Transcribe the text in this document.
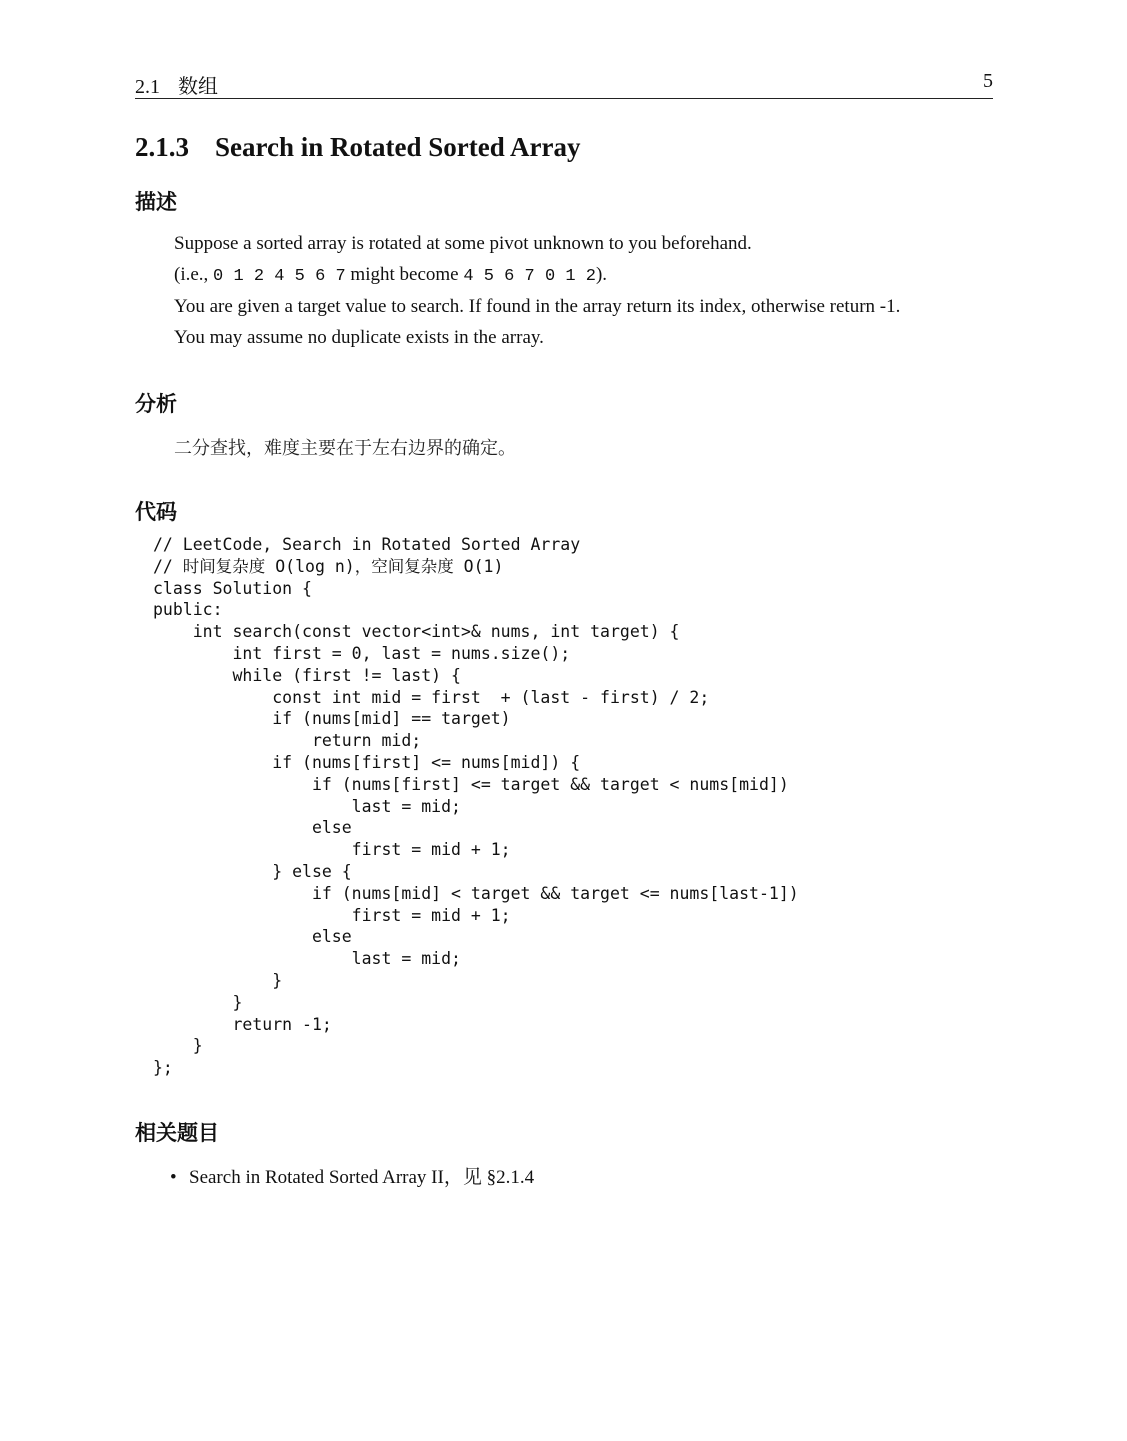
2.1 数组	5
2.1.3 Search in Rotated Sorted Array
描述
Suppose a sorted array is rotated at some pivot unknown to you beforehand.
(i.e., 0 1 2 4 5 6 7 might become 4 5 6 7 0 1 2).
You are given a target value to search. If found in the array return its index, otherwise return -1.
You may assume no duplicate exists in the array.
分析
二分查找，难度主要在于左右边界的确定。
代码
// LeetCode, Search in Rotated Sorted Array
// 时间复杂度 O(log n)，空间复杂度 O(1)
class Solution {
public:
int search(const vector<int>& nums, int target) {
int first = 0, last = nums.size();
while (first != last) {
const int mid = first  + (last - first) / 2;
if (nums[mid] == target)
return mid;
if (nums[first] <= nums[mid]) {
if (nums[first] <= target && target < nums[mid])
last = mid;
else
first = mid + 1;
} else {
if (nums[mid] < target && target <= nums[last-1])
first = mid + 1;
else
last = mid;
}
}
return -1;
}
};
相关题目
• Search in Rotated Sorted Array II，见 §2.1.4
